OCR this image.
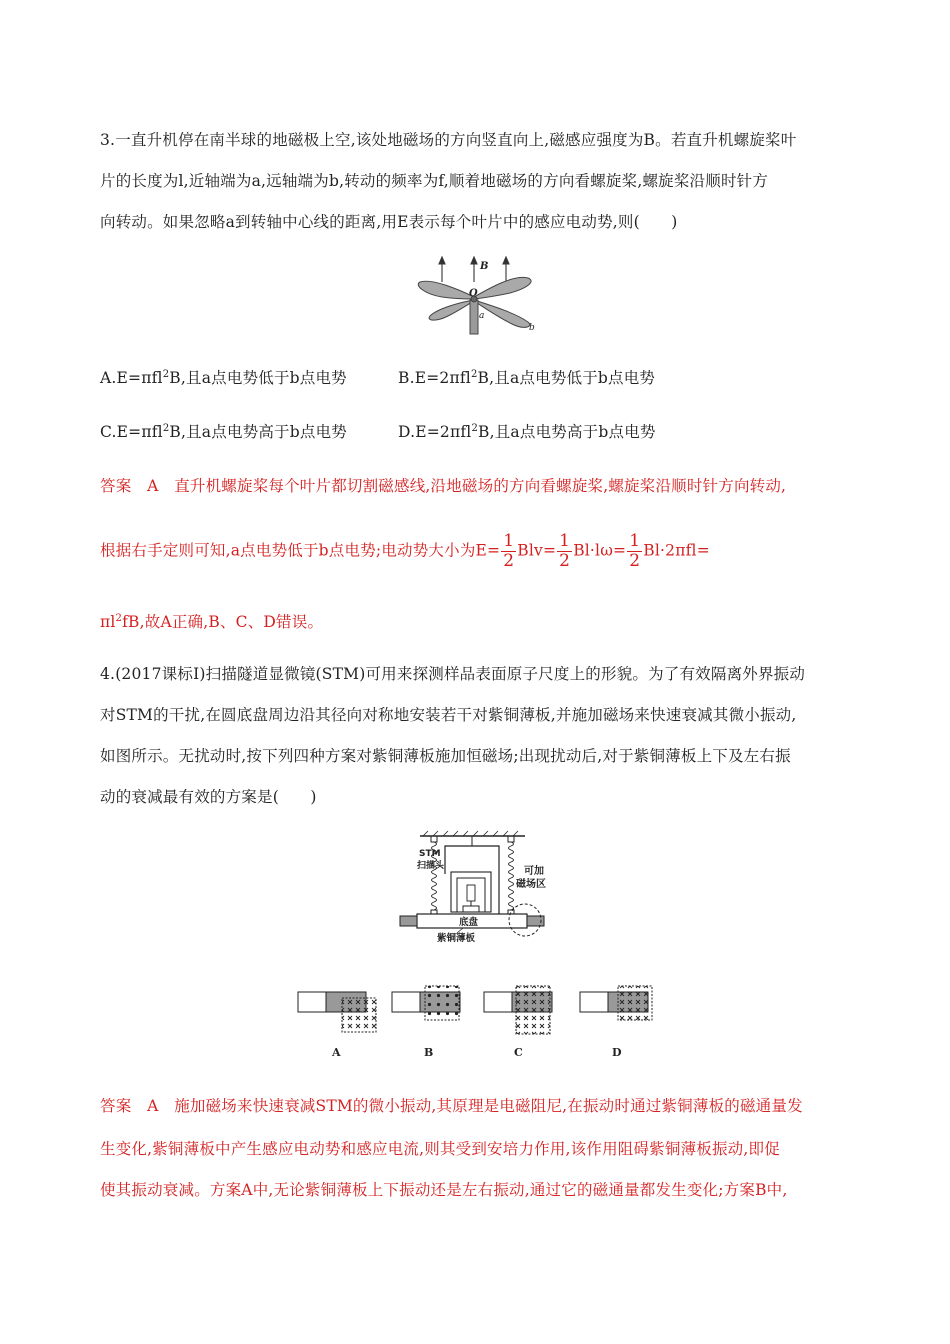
3.一直升机停在南半球的地磁极上空,该处地磁场的方向竖直向上,磁感应强度为B。若直升机螺旋桨叶
片的长度为l,近轴端为a,远轴端为b,转动的频率为f,顺着地磁场的方向看螺旋桨,螺旋桨沿顺时针方
向转动。如果忽略a到转轴中心线的距离,用E表示每个叶片中的感应电动势,则(　　)
B
O
a
b
A.E=πfl$^2$B,且a点电势低于b点电势	B.E=2πfl$^2$B,且a点电势低于b点电势
C.E=πfl$^2$B,且a点电势高于b点电势	D.E=2πfl$^2$B,且a点电势高于b点电势
答案　A　直升机螺旋桨每个叶片都切割磁感线,沿地磁场的方向看螺旋桨,螺旋桨沿顺时针方向转动,
根据右手定则可知,a点电势低于b点电势;电动势大小为$E= \frac{1}{2} Blv= \frac{1}{2} Bl\cdot l\omega= \frac{1}{2} Bl\cdot 2\pi fl=$
$\pi l^2fB$,故A正确,B、C、D错误。
4.(2017课标Ⅰ)扫描隧道显微镜(STM)可用来探测样品表面原子尺度上的形貌。为了有效隔离外界振动
对STM的干扰,在圆底盘周边沿其径向对称地安装若干对紫铜薄板,并施加磁场来快速衰减其微小振动,
如图所示。无扰动时,按下列四种方案对紫铜薄板施加恒磁场;出现扰动后,对于紫铜薄板上下及左右振
动的衰减最有效的方案是(　　)
STM
扫描头	可加
磁场区
底盘
紫铜薄板
A	B	C	D
答案　A　施加磁场来快速衰减STM的微小振动,其原理是电磁阻尼,在振动时通过紫铜薄板的磁通量发
生变化,紫铜薄板中产生感应电动势和感应电流,则其受到安培力作用,该作用阻碍紫铜薄板振动,即促
使其振动衰减。方案A中,无论紫铜薄板上下振动还是左右振动,通过它的磁通量都发生变化;方案B中,
